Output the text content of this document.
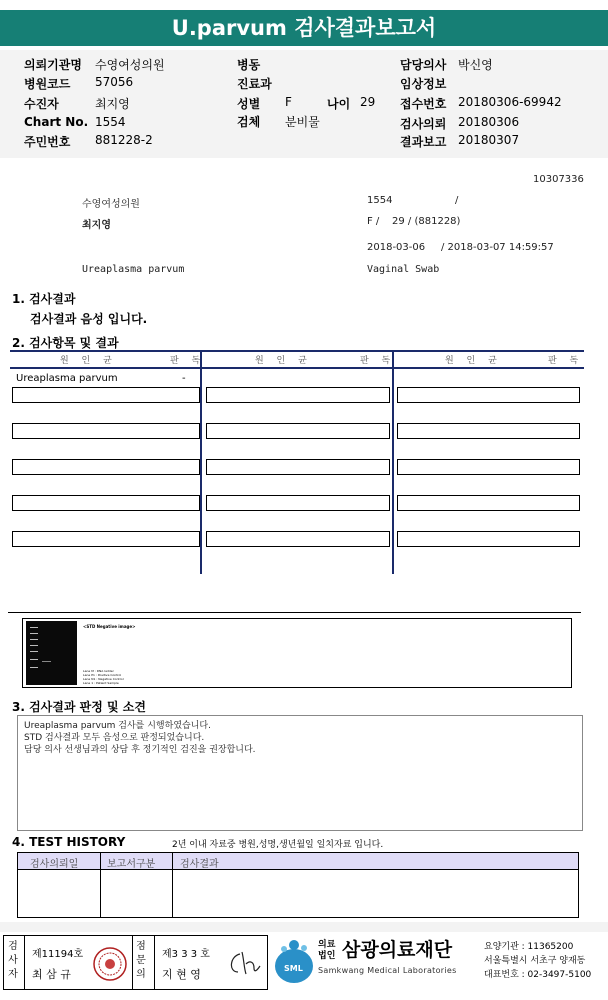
U.parvum 검사결과보고서
의뢰기관명 수영여성의원
병원코드 57056
수진자	최지영
Chart No. 1554
주민번호 881228-2
병동
진료과
성별 F	나이 29
검체 분비물
담당의사 박신영
임상정보
접수번호 20180306-69942
검사의뢰 20180306
결과보고 20180307
10307336
수영여성의원	1554	/
최지영	F /    29 / (881228)
2018-03-06     / 2018-03-07 14:59:57
Ureaplasma parvum	Vaginal Swab
1. 검사결과
검사결과 음성 입니다.
2. 검사항목 및 결과
원 인 균	판 독	원 인 균	판 독	원 인 균	판 독
Ureaplasma parvum	-
<STD Negative image>
Lane M : DNA ladder
Lane P1 : Positive Control
Lane N1 : Negative Control
Lane 1 : Patient Sample
3. 검사결과 판정 및 소견
Ureaplasma parvum 검사를 시행하였습니다.
STD 검사결과 모두 음성으로 판정되었습니다.
담당 의사 선생님과의 상담 후 정기적인 검진을 권장합니다.
4. TEST HISTORY	2년 이내 자료중 병원,성명,생년월일 일치자료 입니다.
검사의뢰일	보고서구분 검사결과
검
사
자
제11194호
최 삼 규
점
문
의
제3 3 3 호
지 현 영	SML
의료
법인 삼광의료재단
Samkwang Medical Laboratories
요양기관 : 11365200
서울특별시 서초구 양재동
대표번호 : 02-3497-5100
